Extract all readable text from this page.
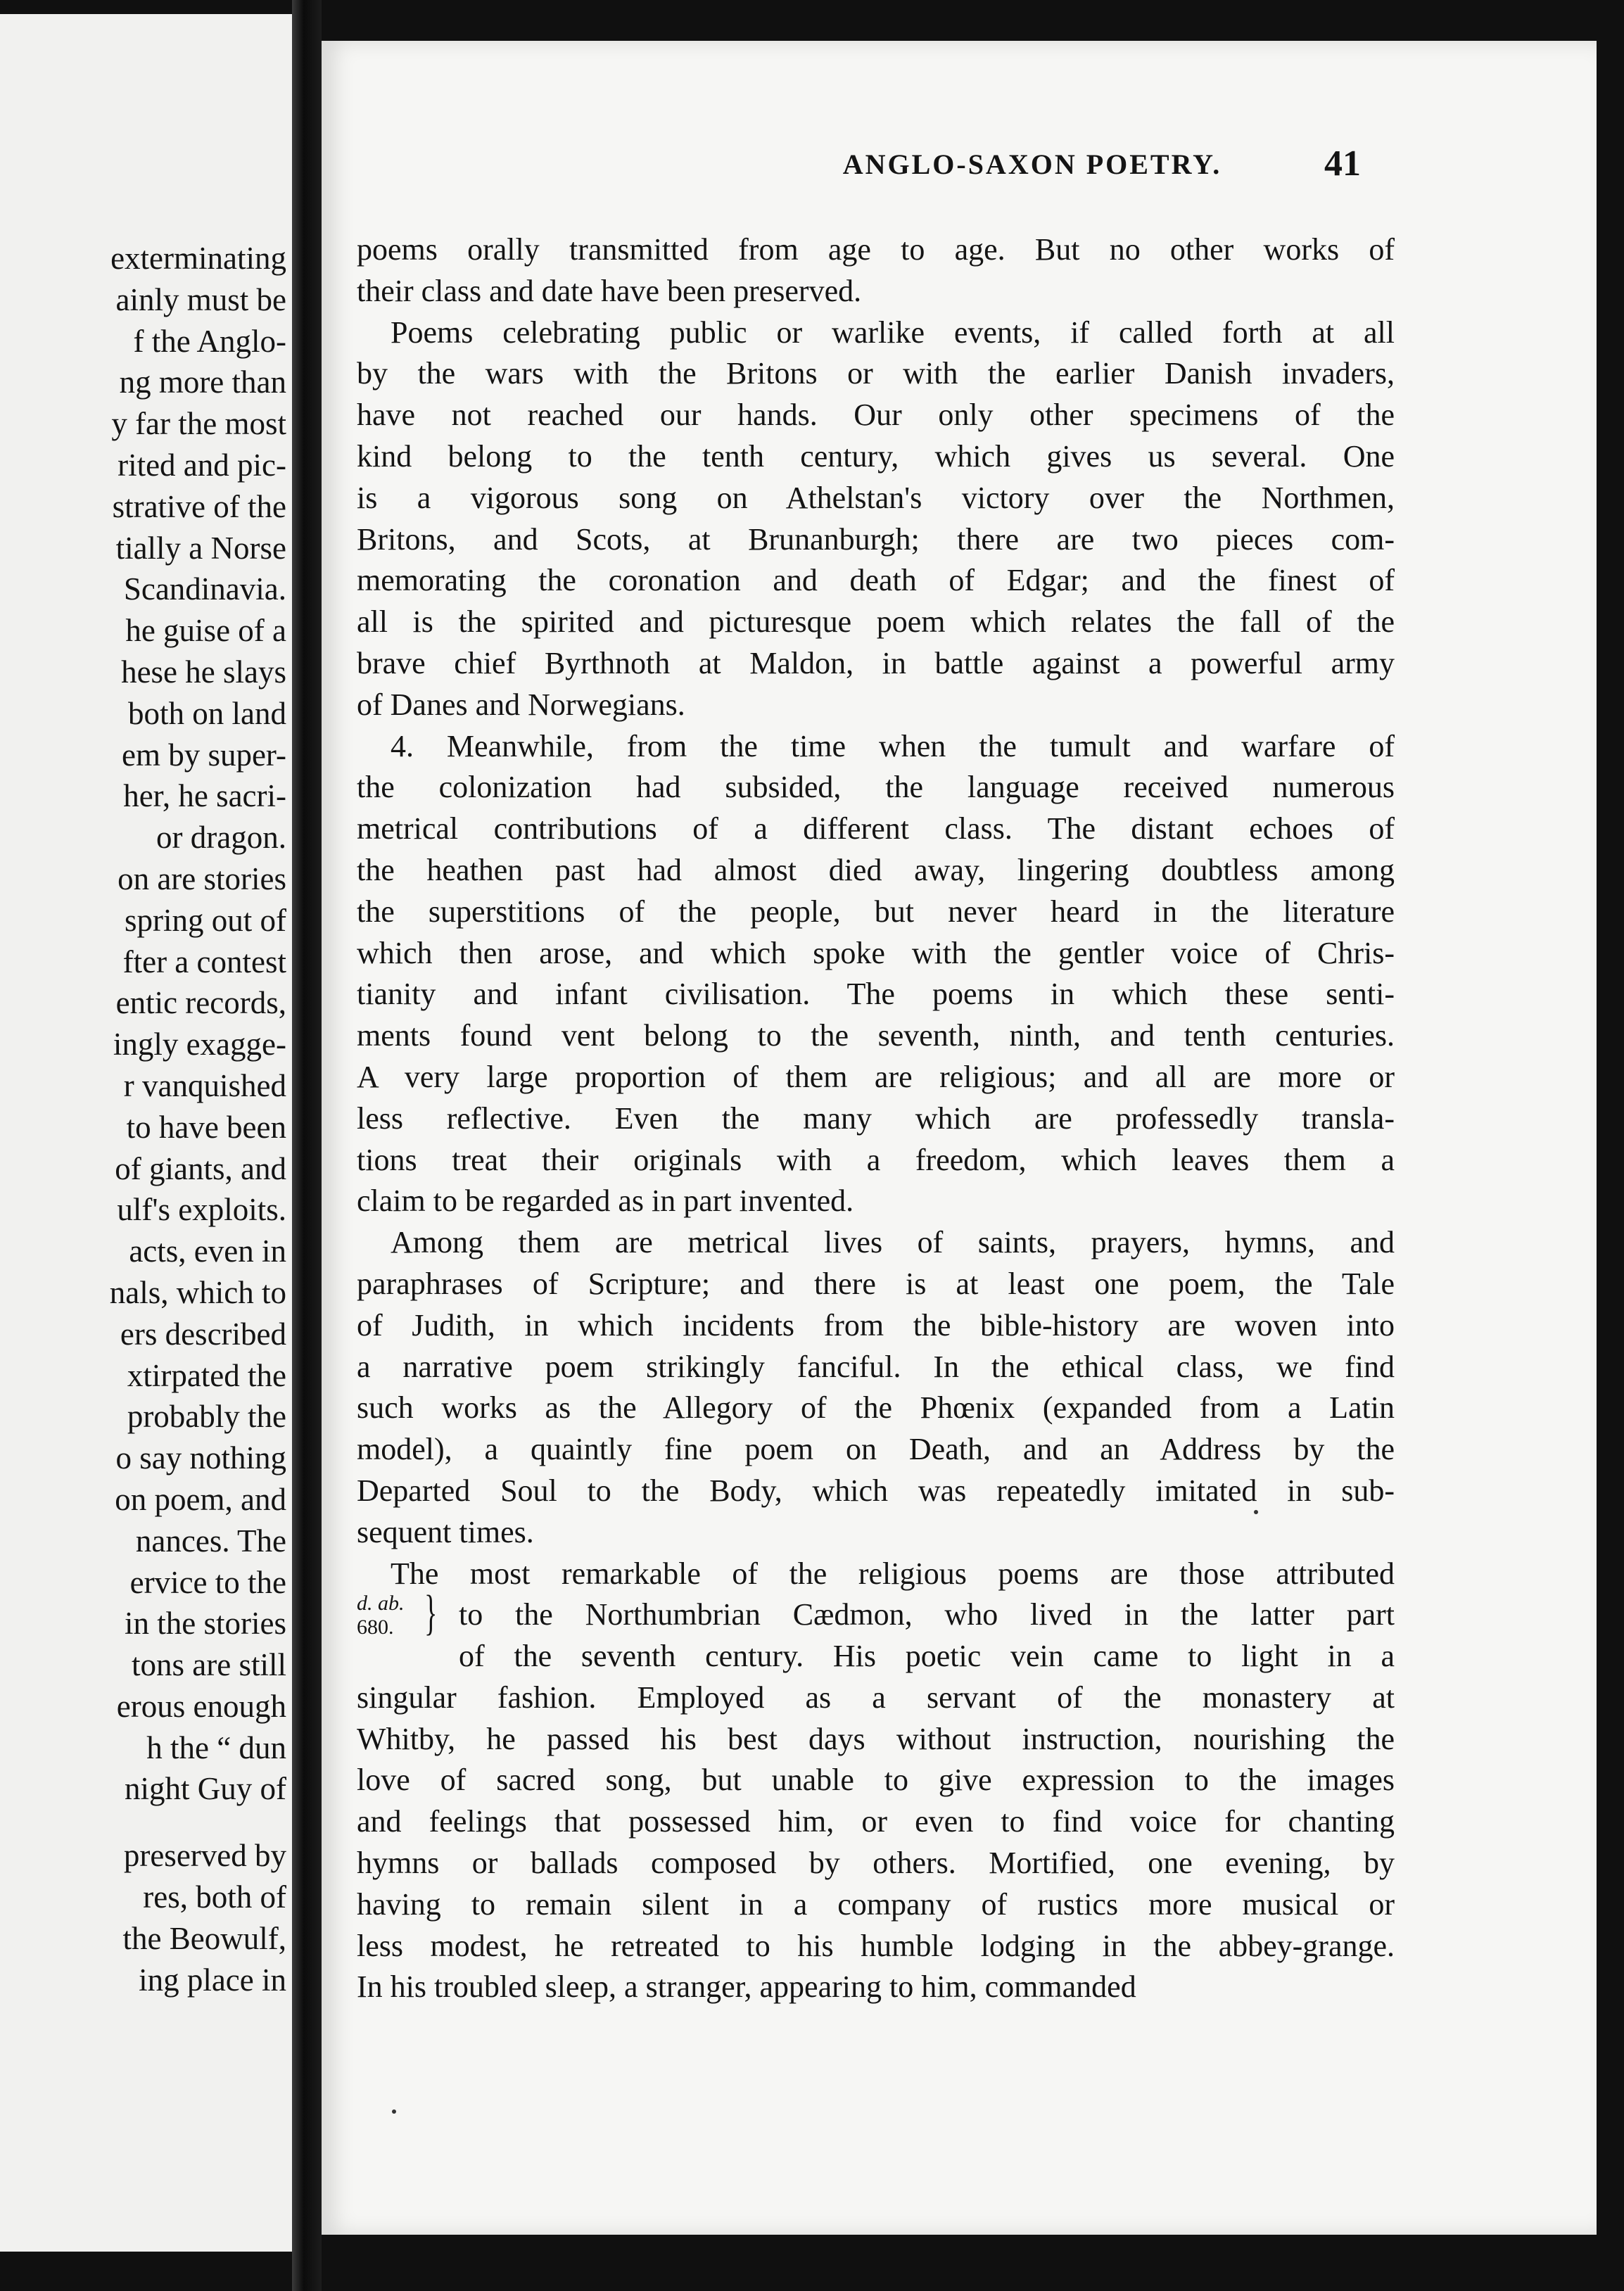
exterminating
ainly must be
f the Anglo-
ng more than
y far the most
rited and pic-
strative of the
tially a Norse
Scandinavia.
he guise of a
hese he slays
both on land
em by super-
her, he sacri-
or dragon.
on are stories
spring out of
fter a contest
entic records,
ingly exagge-
r vanquished
to have been
of giants, and
ulf's exploits.
acts, even in
nals, which to
ers described
xtirpated the
probably the
o say nothing
on poem, and
nances. The
ervice to the
in the stories
tons are still
erous enough
h the “ dun
night Guy of
preserved by
res, both of
the Beowulf,
ing place in
ANGLO-SAXON POETRY.	41
d. ab.
680. }
poems orally transmitted from age to age. But no other works of
their class and date have been preserved.
Poems celebrating public or warlike events, if called forth at all
by the wars with the Britons or with the earlier Danish invaders,
have not reached our hands. Our only other specimens of the
kind belong to the tenth century, which gives us several. One
is a vigorous song on Athelstan's victory over the Northmen,
Britons, and Scots, at Brunanburgh; there are two pieces com-
memorating the coronation and death of Edgar; and the finest of
all is the spirited and picturesque poem which relates the fall of the
brave chief Byrthnoth at Maldon, in battle against a powerful army
of Danes and Norwegians.
4. Meanwhile, from the time when the tumult and warfare of
the colonization had subsided, the language received numerous
metrical contributions of a different class. The distant echoes of
the heathen past had almost died away, lingering doubtless among
the superstitions of the people, but never heard in the literature
which then arose, and which spoke with the gentler voice of Chris-
tianity and infant civilisation. The poems in which these senti-
ments found vent belong to the seventh, ninth, and tenth centuries.
A very large proportion of them are religious; and all are more or
less reflective. Even the many which are professedly transla-
tions treat their originals with a freedom, which leaves them a
claim to be regarded as in part invented.
Among them are metrical lives of saints, prayers, hymns, and
paraphrases of Scripture; and there is at least one poem, the Tale
of Judith, in which incidents from the bible-history are woven into
a narrative poem strikingly fanciful. In the ethical class, we find
such works as the Allegory of the Phœnix (expanded from a Latin
model), a quaintly fine poem on Death, and an Address by the
Departed Soul to the Body, which was repeatedly imitated in sub-
sequent times.
The most remarkable of the religious poems are those attributed
to the Northumbrian Cædmon, who lived in the latter part
of the seventh century. His poetic vein came to light in a
singular fashion. Employed as a servant of the monastery at
Whitby, he passed his best days without instruction, nourishing the
love of sacred song, but unable to give expression to the images
and feelings that possessed him, or even to find voice for chanting
hymns or ballads composed by others. Mortified, one evening, by
having to remain silent in a company of rustics more musical or
less modest, he retreated to his humble lodging in the abbey-grange.
In his troubled sleep, a stranger, appearing to him, commanded
